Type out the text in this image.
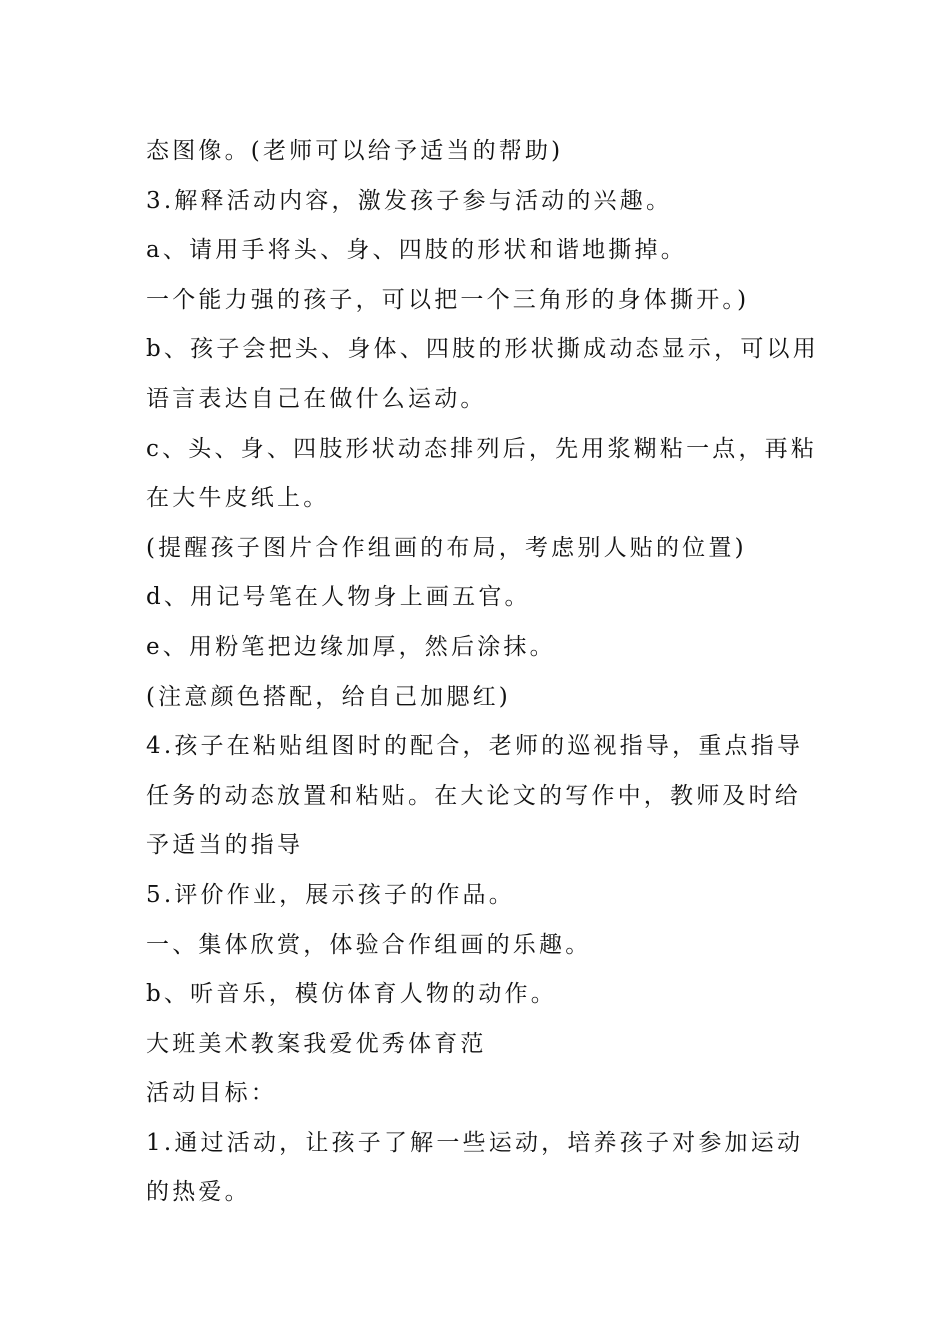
态图像。(老师可以给予适当的帮助)
3.解释活动内容，激发孩子参与活动的兴趣。
a、请用手将头、身、四肢的形状和谐地撕掉。
一个能力强的孩子，可以把一个三角形的身体撕开。)
b、孩子会把头、身体、四肢的形状撕成动态显示，可以用
语言表达自己在做什么运动。
c、头、身、四肢形状动态排列后，先用浆糊粘一点，再粘
在大牛皮纸上。
(提醒孩子图片合作组画的布局，考虑别人贴的位置)
d、用记号笔在人物身上画五官。
e、用粉笔把边缘加厚，然后涂抹。
(注意颜色搭配，给自己加腮红)
4.孩子在粘贴组图时的配合，老师的巡视指导，重点指导
任务的动态放置和粘贴。在大论文的写作中，教师及时给
予适当的指导
5.评价作业，展示孩子的作品。
一、集体欣赏，体验合作组画的乐趣。
b、听音乐，模仿体育人物的动作。
大班美术教案我爱优秀体育范
活动目标：
1.通过活动，让孩子了解一些运动，培养孩子对参加运动
的热爱。
